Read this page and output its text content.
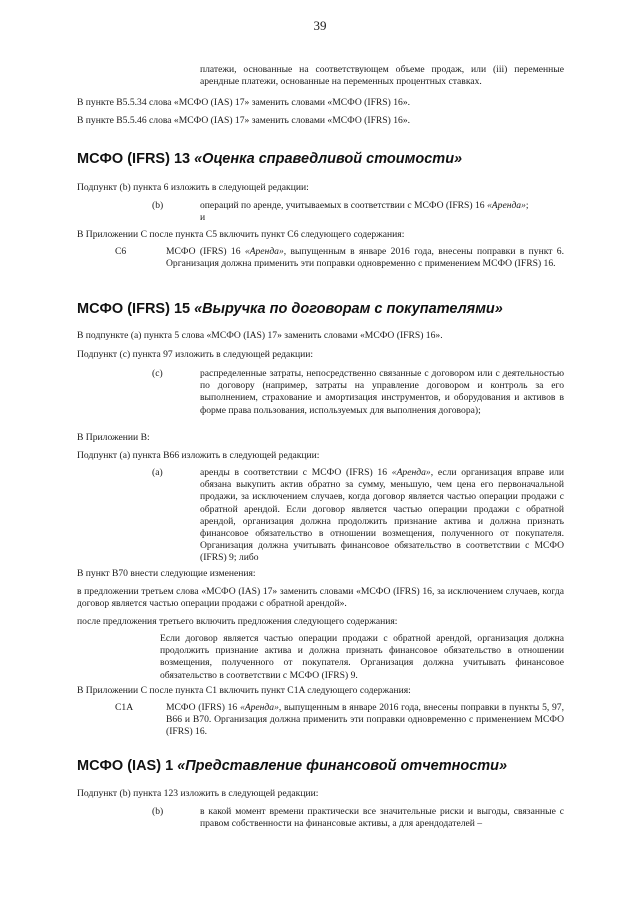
39
платежи, основанные на соответствующем объеме продаж, или (iii) переменные арендные платежи, основанные на переменных процентных ставках.
В пункте B5.5.34 слова «МСФО (IAS) 17» заменить словами «МСФО (IFRS) 16».
В пункте B5.5.46 слова «МСФО (IAS) 17» заменить словами «МСФО (IFRS) 16».
МСФО (IFRS) 13 «Оценка справедливой стоимости»
Подпункт (b) пункта 6 изложить в следующей редакции:
(b)	операций по аренде, учитываемых в соответствии с МСФО (IFRS) 16 «Аренда»;
и
В Приложении C после пункта C5 включить пункт C6 следующего содержания:
C6	МСФО (IFRS) 16 «Аренда», выпущенным в январе 2016 года, внесены поправки в пункт 6. Организация должна применить эти поправки одновременно с применением МСФО (IFRS) 16.
МСФО (IFRS) 15 «Выручка по договорам с покупателями»
В подпункте (a) пункта 5 слова «МСФО (IAS) 17» заменить словами «МСФО (IFRS) 16».
Подпункт (c) пункта 97 изложить в следующей редакции:
(c)	распределенные затраты, непосредственно связанные с договором или с деятельностью по договору (например, затраты на управление договором и контроль за его выполнением, страхование и амортизация инструментов, и оборудования и активов в форме права пользования, используемых для выполнения договора);
В Приложении B:
Подпункт (a) пункта B66 изложить в следующей редакции:
(a)	аренды в соответствии с МСФО (IFRS) 16 «Аренда», если организация вправе или обязана выкупить актив обратно за сумму, меньшую, чем цена его первоначальной продажи, за исключением случаев, когда договор является частью операции продажи с обратной арендой. Если договор является частью операции продажи с обратной арендой, организация должна продолжить признание актива и должна признать финансовое обязательство в отношении возмещения, полученного от покупателя. Организация должна учитывать финансовое обязательство в соответствии с МСФО (IFRS) 9; либо
В пункт B70 внести следующие изменения:
в предложении третьем слова «МСФО (IAS) 17» заменить словами «МСФО (IFRS) 16, за исключением случаев, когда договор является частью операции продажи с обратной арендой».
после предложения третьего включить предложения следующего содержания:
Если договор является частью операции продажи с обратной арендой, организация должна продолжить признание актива и должна признать финансовое обязательство в отношении возмещения, полученного от покупателя. Организация должна учитывать финансовое обязательство в соответствии с МСФО (IFRS) 9.
В Приложении C после пункта C1 включить пункт C1A следующего содержания:
C1A	МСФО (IFRS) 16 «Аренда», выпущенным в январе 2016 года, внесены поправки в пункты 5, 97, B66 и B70. Организация должна применить эти поправки одновременно с применением МСФО (IFRS) 16.
МСФО (IAS) 1 «Представление финансовой отчетности»
Подпункт (b) пункта 123 изложить в следующей редакции:
(b)	в какой момент времени практически все значительные риски и выгоды, связанные с правом собственности на финансовые активы, а для арендодателей –
